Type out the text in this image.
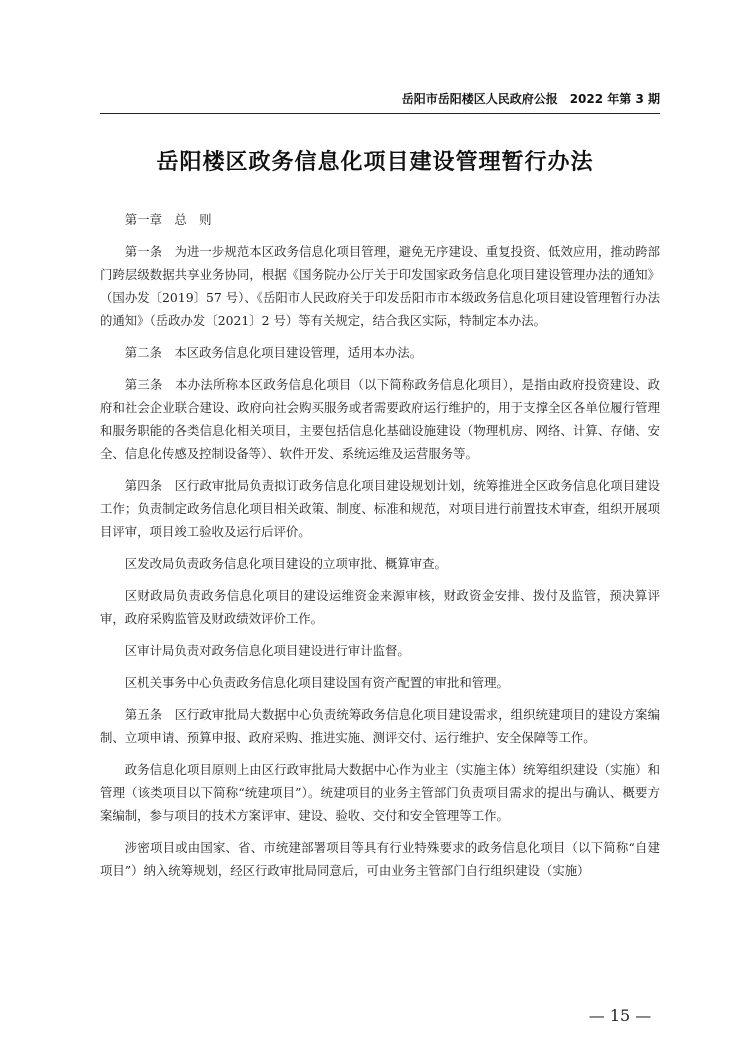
岳阳市岳阳楼区人民政府公报　2022 年第 3 期
岳阳楼区政务信息化项目建设管理暂行办法

第一章　总　则

第一条　为进一步规范本区政务信息化项目管理，避免无序建设、重复投资、低效应用，推动跨部门跨层级数据共享业务协同，根据《国务院办公厅关于印发国家政务信息化项目建设管理办法的通知》（国办发〔2019〕57 号）、《岳阳市人民政府关于印发岳阳市市本级政务信息化项目建设管理暂行办法的通知》（岳政办发〔2021〕2 号）等有关规定，结合我区实际，特制定本办法。

第二条　本区政务信息化项目建设管理，适用本办法。

第三条　本办法所称本区政务信息化项目（以下简称政务信息化项目），是指由政府投资建设、政府和社会企业联合建设、政府向社会购买服务或者需要政府运行维护的，用于支撑全区各单位履行管理和服务职能的各类信息化相关项目，主要包括信息化基础设施建设（物理机房、网络、计算、存储、安全、信息化传感及控制设备等）、软件开发、系统运维及运营服务等。

第四条　区行政审批局负责拟订政务信息化项目建设规划计划，统筹推进全区政务信息化项目建设工作；负责制定政务信息化项目相关政策、制度、标准和规范，对项目进行前置技术审查，组织开展项目评审，项目竣工验收及运行后评价。

区发改局负责政务信息化项目建设的立项审批、概算审查。

区财政局负责政务信息化项目的建设运维资金来源审核，财政资金安排、拨付及监管，预决算评审，政府采购监管及财政绩效评价工作。

区审计局负责对政务信息化项目建设进行审计监督。

区机关事务中心负责政务信息化项目建设国有资产配置的审批和管理。

第五条　区行政审批局大数据中心负责统筹政务信息化项目建设需求，组织统建项目的建设方案编制、立项申请、预算申报、政府采购、推进实施、测评交付、运行维护、安全保障等工作。

政务信息化项目原则上由区行政审批局大数据中心作为业主（实施主体）统筹组织建设（实施）和管理（该类项目以下简称“统建项目”）。统建项目的业务主管部门负责项目需求的提出与确认、概要方案编制，参与项目的技术方案评审、建设、验收、交付和安全管理等工作。

涉密项目或由国家、省、市统建部署项目等具有行业特殊要求的政务信息化项目（以下简称“自建项目”）纳入统筹规划，经区行政审批局同意后，可由业务主管部门自行组织建设（实施）

— 15 —
